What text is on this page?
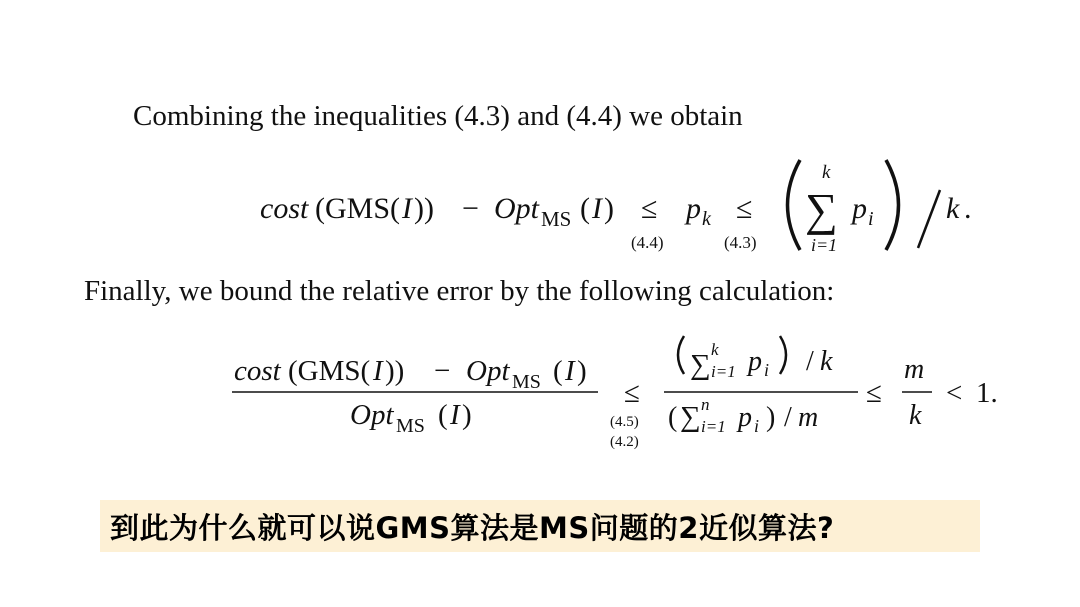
Combining the inequalities (4.3) and (4.4) we obtain
cost (GMS( I )) − Opt MS ( I ) ≤
(4.4)
p k ≤
(4.3)
k
∑
i=1
p i k .
Finally, we bound the relative error by the following calculation:
cost (GMS( I )) − Opt MS ( I )
Opt MS ( I )
≤
(4.5)
(4.2)
∑ k
i=1 p i / k
( ∑ n
i=1 p i ) / m
≤
m
k
< 1.
到此为什么就可以说GMS算法是MS问题的2近似算法?
